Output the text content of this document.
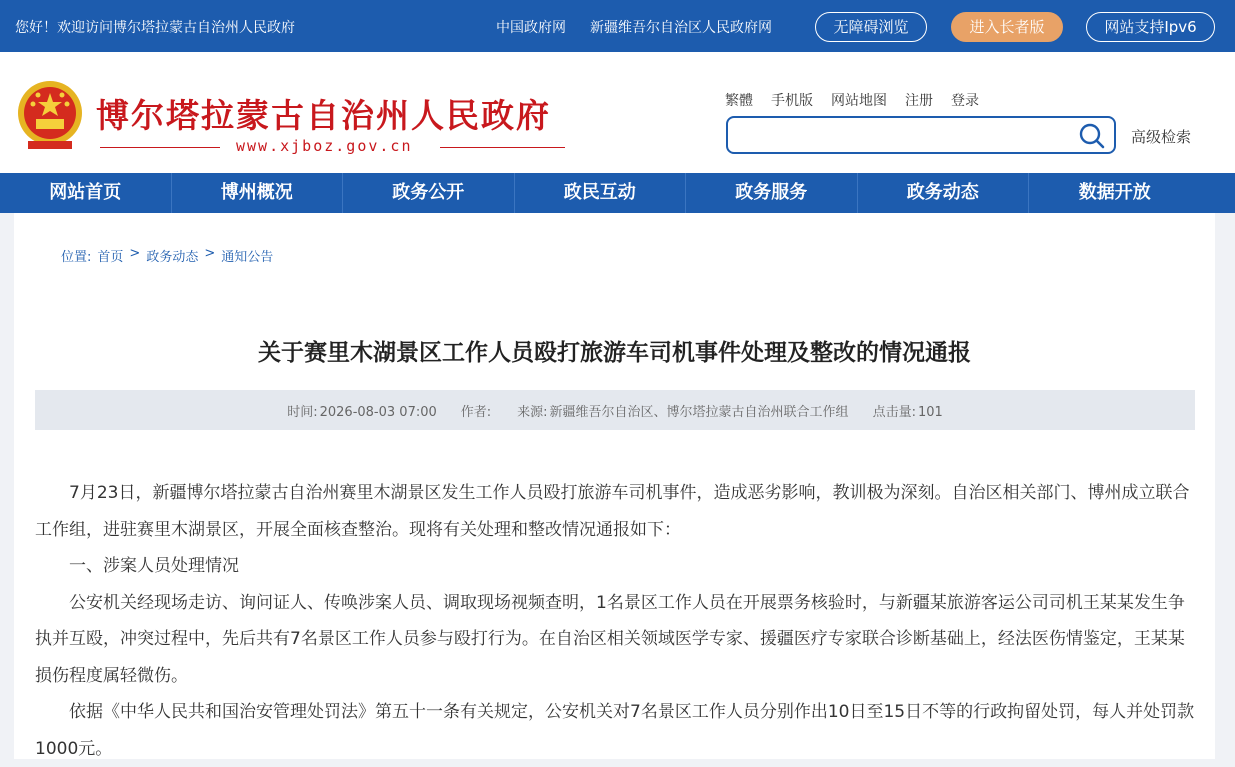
您好！欢迎访问博尔塔拉蒙古自治州人民政府	中国政府网 新疆维吾尔自治区人民政府网	无障碍浏览	进入长者版	网站支持Ipv6
博尔塔拉蒙古自治州人民政府
www.xjboz.gov.cn
繁體 手机版 网站地图 注册 登录
高级检索
网站首页	博州概况	政务公开	政民互动	政务服务	政务动态	数据开放
位置: 首页 > 政务动态 > 通知公告
关于赛里木湖景区工作人员殴打旅游车司机事件处理及整改的情况通报
时间: 2026-08-03 07:00 作者: 来源: 新疆维吾尔自治区、博尔塔拉蒙古自治州联合工作组 点击量: 101

7月23日，新疆博尔塔拉蒙古自治州赛里木湖景区发生工作人员殴打旅游车司机事件，造成恶劣影响，教训极为深刻。自治区相关部门、博州成立联合工作组，进驻赛里木湖景区，开展全面核查整治。现将有关处理和整改情况通报如下：

一、涉案人员处理情况

公安机关经现场走访、询问证人、传唤涉案人员、调取现场视频查明，1名景区工作人员在开展票务核验时，与新疆某旅游客运公司司机王某某发生争执并互殴，冲突过程中，先后共有7名景区工作人员参与殴打行为。在自治区相关领域医学专家、援疆医疗专家联合诊断基础上，经法医伤情鉴定，王某某损伤程度属轻微伤。

依据《中华人民共和国治安管理处罚法》第五十一条有关规定，公安机关对7名景区工作人员分别作出10日至15日不等的行政拘留处罚，每人并处罚款1000元。
